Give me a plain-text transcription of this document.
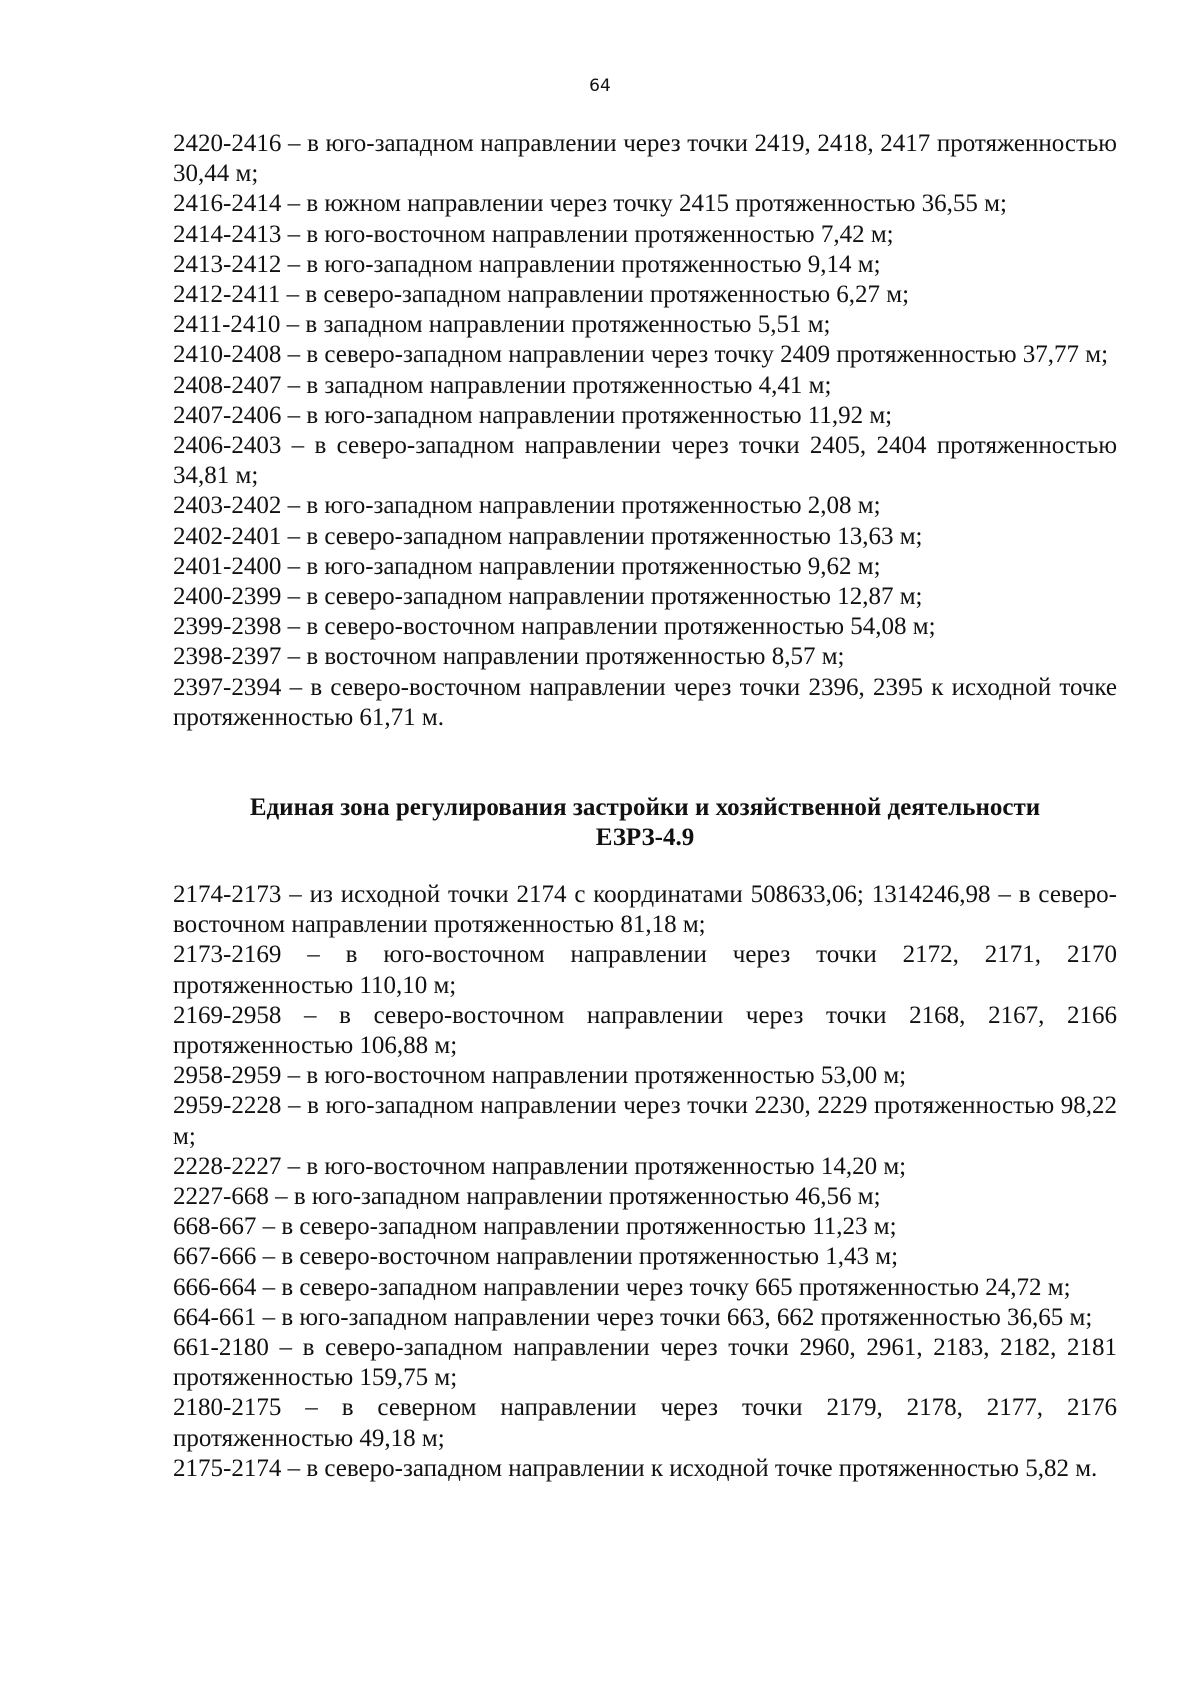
64

2420-2416 – в юго-западном направлении через точки 2419, 2418, 2417 протяженностью 30,44 м;

2416-2414 – в южном направлении через точку 2415 протяженностью 36,55 м;

2414-2413 – в юго-восточном направлении протяженностью 7,42 м;

2413-2412 – в юго-западном направлении протяженностью 9,14 м;

2412-2411 – в северо-западном направлении протяженностью 6,27 м;

2411-2410 – в западном направлении протяженностью 5,51 м;

2410-2408 – в северо-западном направлении через точку 2409 протяженностью 37,77 м;

2408-2407 – в западном направлении протяженностью 4,41 м;

2407-2406 – в юго-западном направлении протяженностью 11,92 м;

2406-2403 – в северо-западном направлении через точки 2405, 2404 протяженностью 34,81 м;

2403-2402 – в юго-западном направлении протяженностью 2,08 м;

2402-2401 – в северо-западном направлении протяженностью 13,63 м;

2401-2400 – в юго-западном направлении протяженностью 9,62 м;

2400-2399 – в северо-западном направлении протяженностью 12,87 м;

2399-2398 – в северо-восточном направлении протяженностью 54,08 м;

2398-2397 – в восточном направлении протяженностью 8,57 м;

2397-2394 – в северо-восточном направлении через точки 2396, 2395 к исходной точке протяженностью 61,71 м.

Единая зона регулирования застройки и хозяйственной деятельности
ЕЗРЗ-4.9

2174-2173 – из исходной точки 2174 с координатами 508633,06; 1314246,98 – в северо-восточном направлении протяженностью 81,18 м;

2173-2169 – в юго-восточном направлении через точки 2172, 2171, 2170 протяженностью 110,10 м;

2169-2958 – в северо-восточном направлении через точки 2168, 2167, 2166 протяженностью 106,88 м;

2958-2959 – в юго-восточном направлении протяженностью 53,00 м;

2959-2228 – в юго-западном направлении через точки 2230, 2229 протяженностью 98,22 м;

2228-2227 – в юго-восточном направлении протяженностью 14,20 м;

2227-668 – в юго-западном направлении протяженностью 46,56 м;

668-667 – в северо-западном направлении протяженностью 11,23 м;

667-666 – в северо-восточном направлении протяженностью 1,43 м;

666-664 – в северо-западном направлении через точку 665 протяженностью 24,72 м;

664-661 – в юго-западном направлении через точки 663, 662 протяженностью 36,65 м;

661-2180 – в северо-западном направлении через точки 2960, 2961, 2183, 2182, 2181 протяженностью 159,75 м;

2180-2175 – в северном направлении через точки 2179, 2178, 2177, 2176 протяженностью 49,18 м;

2175-2174 – в северо-западном направлении к исходной точке протяженностью 5,82 м.
